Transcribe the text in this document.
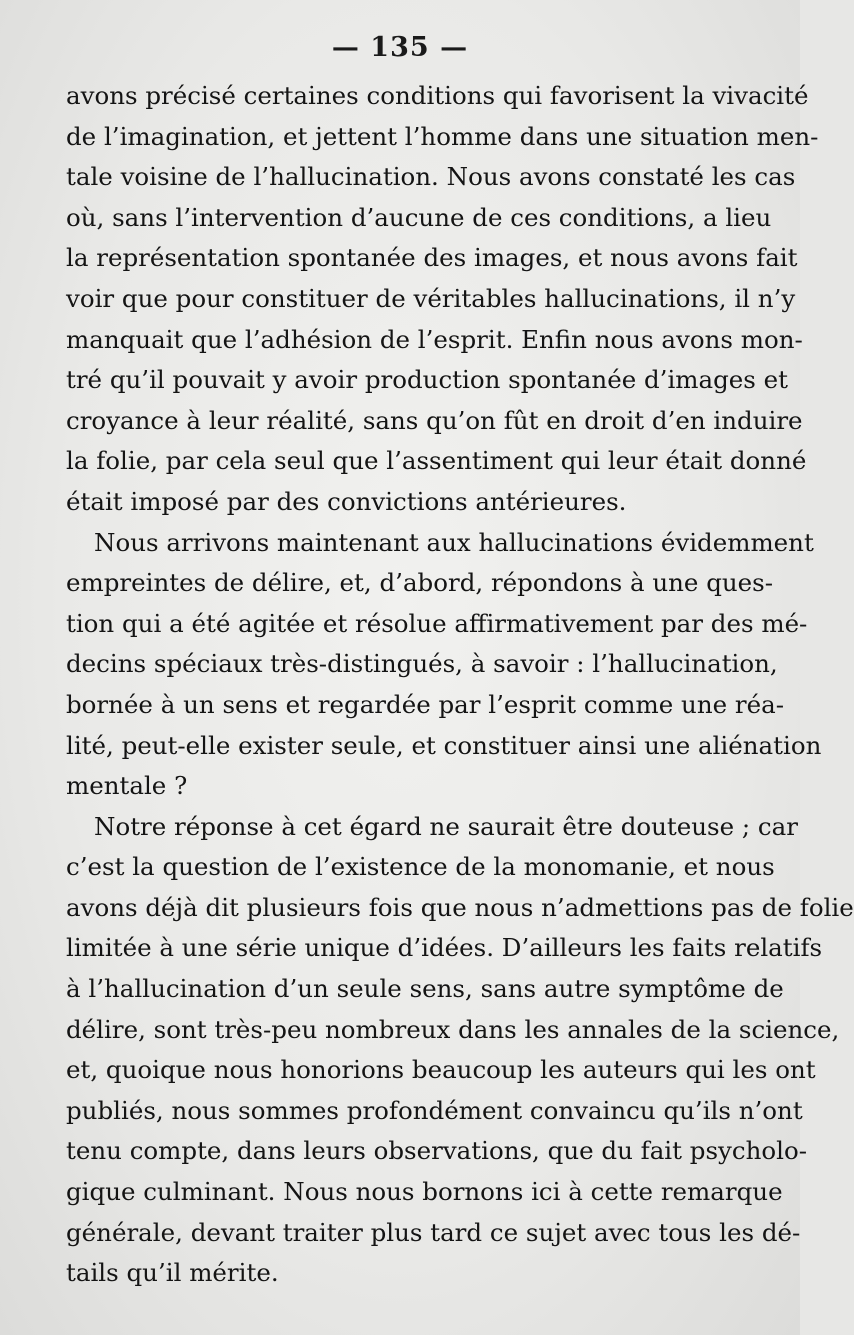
— 135 —
avons précisé certaines conditions qui favorisent la vivacité
de l’imagination, et jettent l’homme dans une situation men-
tale voisine de l’hallucination. Nous avons constaté les cas
où, sans l’intervention d’aucune de ces conditions, a lieu
la représentation spontanée des images, et nous avons fait
voir que pour constituer de véritables hallucinations, il n’y
manquait que l’adhésion de l’esprit. Enfin nous avons mon-
tré qu’il pouvait y avoir production spontanée d’images et
croyance à leur réalité, sans qu’on fût en droit d’en induire
la folie, par cela seul que l’assentiment qui leur était donné
était imposé par des convictions antérieures.
Nous arrivons maintenant aux hallucinations évidemment
empreintes de délire, et, d’abord, répondons à une ques-
tion qui a été agitée et résolue affirmativement par des mé-
decins spéciaux très-distingués, à savoir : l’hallucination,
bornée à un sens et regardée par l’esprit comme une réa-
lité, peut-elle exister seule, et constituer ainsi une aliénation
mentale ?
Notre réponse à cet égard ne saurait être douteuse ; car
c’est la question de l’existence de la monomanie, et nous
avons déjà dit plusieurs fois que nous n’admettions pas de folie
limitée à une série unique d’idées. D’ailleurs les faits relatifs
à l’hallucination d’un seule sens, sans autre symptôme de
délire, sont très-peu nombreux dans les annales de la science,
et, quoique nous honorions beaucoup les auteurs qui les ont
publiés, nous sommes profondément convaincu qu’ils n’ont
tenu compte, dans leurs observations, que du fait psycholo-
gique culminant. Nous nous bornons ici à cette remarque
générale, devant traiter plus tard ce sujet avec tous les dé-
tails qu’il mérite.
